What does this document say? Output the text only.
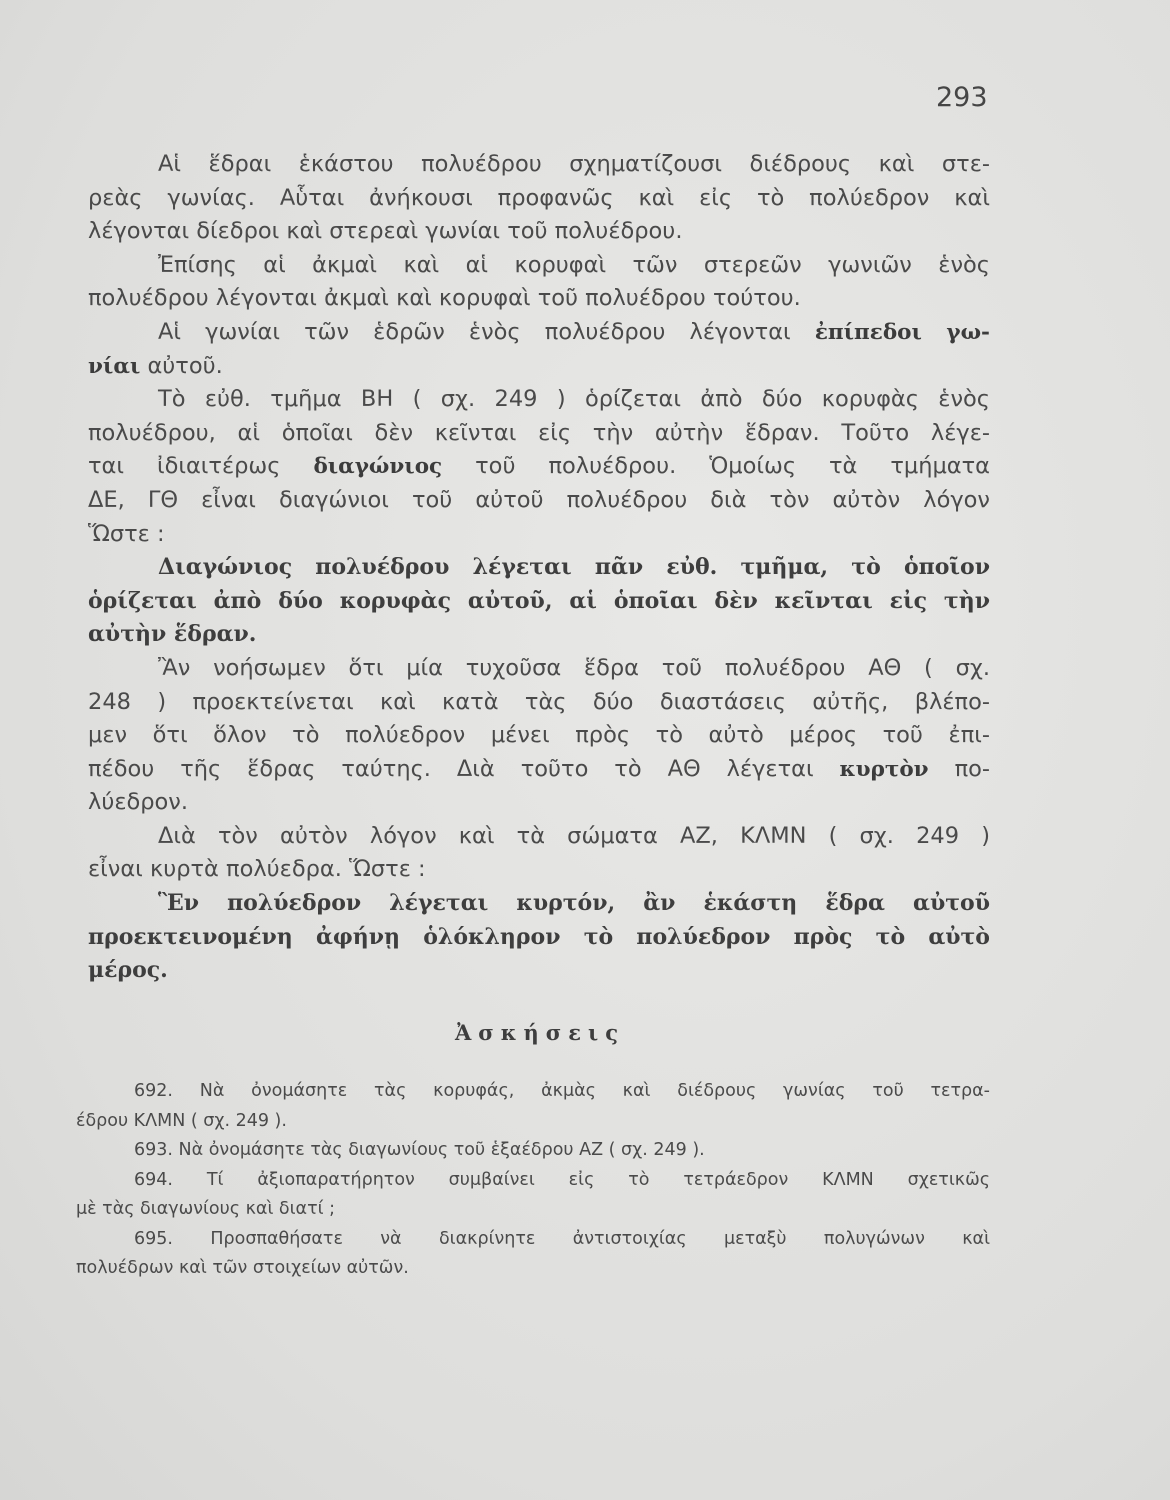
293

Αἱ ἕδραι ἑκάστου πολυέδρου σχηματίζουσι διέδρους καὶ στε-
ρεὰς γωνίας. Αὗται ἀνήκουσι προφανῶς καὶ εἰς τὸ πολύεδρον καὶ
λέγονται δίεδροι καὶ στερεαὶ γωνίαι τοῦ πολυέδρου.
Ἐπίσης αἱ ἀκμαὶ καὶ αἱ κορυφαὶ τῶν στερεῶν γωνιῶν ἑνὸς
πολυέδρου λέγονται ἀκμαὶ καὶ κορυφαὶ τοῦ πολυέδρου τούτου.
Αἱ γωνίαι τῶν ἑδρῶν ἑνὸς πολυέδρου λέγονται ἐπίπεδοι γω-
νίαι αὐτοῦ.
Τὸ εὐθ. τμῆμα ΒΗ ( σχ. 249 ) ὁρίζεται ἀπὸ δύο κορυφὰς ἑνὸς
πολυέδρου, αἱ ὁποῖαι δὲν κεῖνται εἰς τὴν αὐτὴν ἕδραν. Τοῦτο λέγε-
ται ἰδιαιτέρως διαγώνιος τοῦ πολυέδρου. Ὁμοίως τὰ τμήματα
ΔΕ, ΓΘ εἶναι διαγώνιοι τοῦ αὐτοῦ πολυέδρου διὰ τὸν αὐτὸν λόγον
Ὥστε :
Διαγώνιος πολυέδρου λέγεται πᾶν εὐθ. τμῆμα, τὸ ὁποῖον
ὁρίζεται ἀπὸ δύο κορυφὰς αὐτοῦ, αἱ ὁποῖαι δὲν κεῖνται εἰς τὴν
αὐτὴν ἕδραν.
Ἂν νοήσωμεν ὅτι μία τυχοῦσα ἕδρα τοῦ πολυέδρου ΑΘ ( σχ.
248 ) προεκτείνεται καὶ κατὰ τὰς δύο διαστάσεις αὐτῆς, βλέπο-
μεν ὅτι ὅλον τὸ πολύεδρον μένει πρὸς τὸ αὐτὸ μέρος τοῦ ἐπι-
πέδου τῆς ἕδρας ταύτης. Διὰ τοῦτο τὸ ΑΘ λέγεται κυρτὸν πο-
λύεδρον.
Διὰ τὸν αὐτὸν λόγον καὶ τὰ σώματα ΑΖ, ΚΛΜΝ ( σχ. 249 )
εἶναι κυρτὰ πολύεδρα. Ὥστε :
Ἓν πολύεδρον λέγεται κυρτόν, ἂν ἑκάστη ἕδρα αὐτοῦ
προεκτεινομένη ἀφήνῃ ὁλόκληρον τὸ πολύεδρον πρὸς τὸ αὐτὸ
μέρος.
Ἀσκήσεις
692. Νὰ ὀνομάσητε τὰς κορυφάς, ἀκμὰς καὶ διέδρους γωνίας τοῦ τετρα-
έδρου ΚΛΜΝ ( σχ. 249 ).
693. Νὰ ὀνομάσητε τὰς διαγωνίους τοῦ ἑξαέδρου ΑΖ ( σχ. 249 ).
694. Τί ἀξιοπαρατήρητον συμβαίνει εἰς τὸ τετράεδρον ΚΛΜΝ σχετικῶς
μὲ τὰς διαγωνίους καὶ διατί ;
695. Προσπαθήσατε νὰ διακρίνητε ἀντιστοιχίας μεταξὺ πολυγώνων καὶ
πολυέδρων καὶ τῶν στοιχείων αὐτῶν.
